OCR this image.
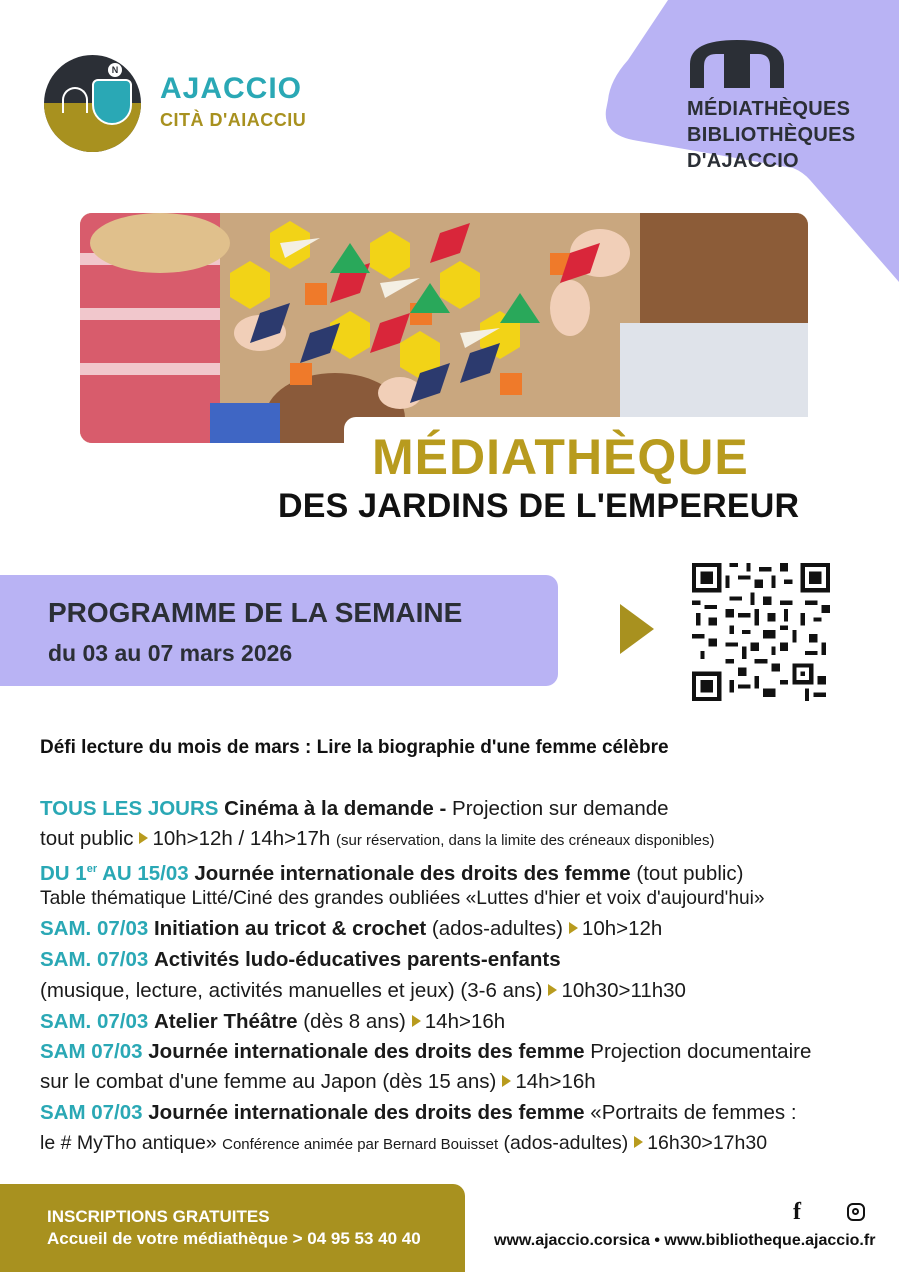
N
AJACCIO
CITÀ D'AIACCIU	MÉDIATHÈQUES
BIBLIOTHÈQUES
D'AJACCIO
MÉDIATHÈQUE
DES JARDINS DE L'EMPEREUR
PROGRAMME DE LA SEMAINE
du 03 au 07 mars 2026
Défi lecture du mois de mars : Lire la biographie d'une femme célèbre
TOUS LES JOURS Cinéma à la demande - Projection sur demande
tout public 10h>12h / 14h>17h (sur réservation, dans la limite des créneaux disponibles)
DU 1er AU 15/03 Journée internationale des droits des femme (tout public)
Table thématique Litté/Ciné des grandes oubliées «Luttes d'hier et voix d'aujourd'hui»
SAM. 07/03 Initiation au tricot & crochet (ados-adultes) 10h>12h
SAM. 07/03 Activités ludo-éducatives parents-enfants
(musique, lecture, activités manuelles et jeux) (3-6 ans) 10h30>11h30
SAM. 07/03 Atelier Théâtre (dès 8 ans) 14h>16h
SAM 07/03 Journée internationale des droits des femme Projection documentaire
sur le combat d'une femme au Japon (dès 15 ans) 14h>16h
SAM 07/03 Journée internationale des droits des femme «Portraits de femmes :
le # MyTho antique» Conférence animée par Bernard Bouisset (ados-adultes) 16h30>17h30
INSCRIPTIONS GRATUITES
Accueil de votre médiathèque > 04 95 53 40 40
f
www.ajaccio.corsica • www.bibliotheque.ajaccio.fr
